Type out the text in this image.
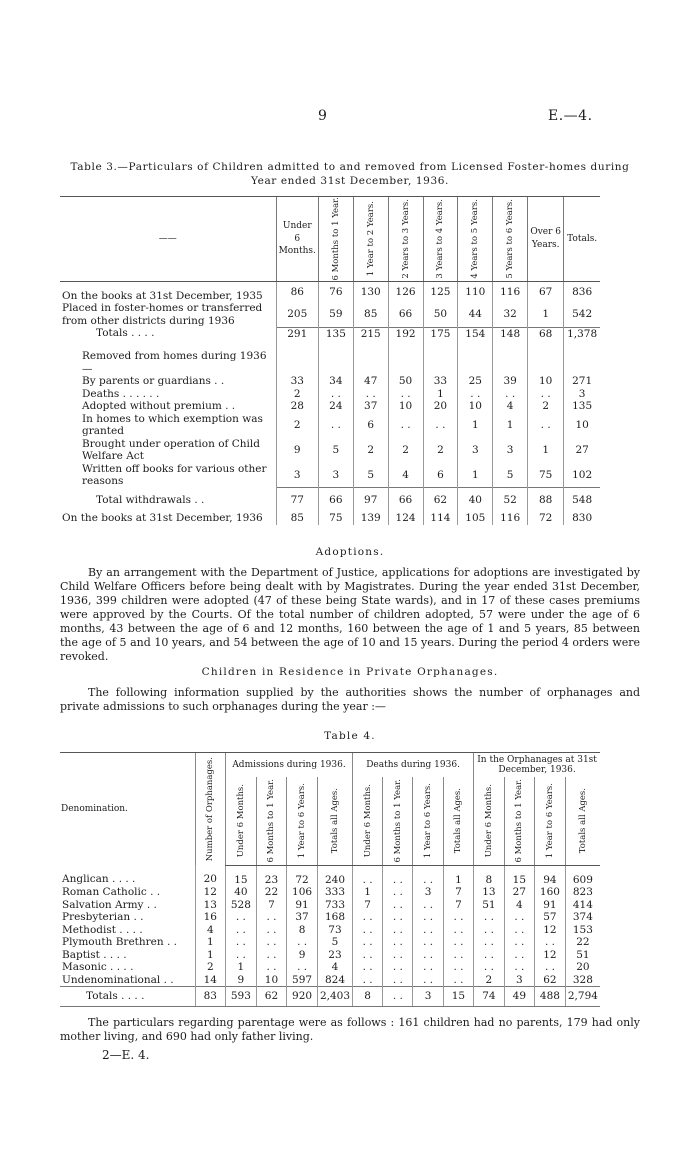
9	E.—4.
Table 3.—Particulars of Children admitted to and removed from Licensed Foster-homes during Year ended 31st December, 1936.
——	Under 6 Months.	6 Months to 1 Year.	1 Year to 2 Years.	2 Years to 3 Years.	3 Years to 4 Years.	4 Years to 5 Years.	5 Years to 6 Years.	Over 6 Years.	Totals.
On the books at 31st December, 1935	86	76	130	126	125	110	116	67	836
Placed in foster-homes or transferred from other districts during 1936	205	59	85	66	50	44	32	1	542
Totals . . . .	291	135	215	192	175	154	148	68	1,378
Removed from homes during 1936—									
By parents or guardians . .	33	34	47	50	33	25	39	10	271
Deaths . . . . . .	2	. .	. .	. .	1	. .	. .	. .	3
Adopted without premium . .	28	24	37	10	20	10	4	2	135
In homes to which exemption was granted	2	. .	6	. .	. .	1	1	. .	10
Brought under operation of Child Welfare Act	9	5	2	2	2	3	3	1	27
Written off books for various other reasons	3	3	5	4	6	1	5	75	102
Total withdrawals . .	77	66	97	66	62	40	52	88	548
On the books at 31st December, 1936	85	75	139	124	114	105	116	72	830
Adoptions.
By an arrangement with the Department of Justice, applications for adoptions are investigated by Child Welfare Officers before being dealt with by Magistrates. During the year ended 31st December, 1936, 399 children were adopted (47 of these being State wards), and in 17 of these cases premiums were approved by the Courts. Of the total number of children adopted, 57 were under the age of 6 months, 43 between the age of 6 and 12 months, 160 between the age of 1 and 5 years, 85 between the age of 5 and 10 years, and 54 between the age of 10 and 15 years. During the period 4 orders were revoked.
Children in Residence in Private Orphanages.
The following information supplied by the authorities shows the number of orphanages and private admissions to such orphanages during the year :—
Table 4.
Denomination.	Number of Orphanages.	Admissions during 1936.				Deaths during 1936.				In the Orphanages at 31st December, 1936.			

		Under 6 Months.	6 Months to 1 Year.	1 Year to 6 Years.	Totals all Ages.	Under 6 Months.	6 Months to 1 Year.	1 Year to 6 Years.	Totals all Ages.	Under 6 Months.	6 Months to 1 Year.	1 Year to 6 Years.	Totals all Ages.

Anglican . . . .	20	15	23	72	240	. .	. .	. .	1	8	15	94	609
Roman Catholic . .	12	40	22	106	333	1	. .	3	7	13	27	160	823
Salvation Army . .	13	528	7	91	733	7	. .	. .	7	51	4	91	414
Presbyterian . .	16	. .	. .	37	168	. .	. .	. .	. .	. .	. .	57	374
Methodist . . . .	4	. .	. .	8	73	. .	. .	. .	. .	. .	. .	12	153
Plymouth Brethren . .	1	. .	. .	. .	5	. .	. .	. .	. .	. .	. .	. .	22
Baptist . . . .	1	. .	. .	9	23	. .	. .	. .	. .	. .	. .	12	51
Masonic . . . .	2	1	. .	. .	4	. .	. .	. .	. .	. .	. .	. .	20
Undenominational . .	14	9	10	597	824	. .	. .	. .	. .	2	3	62	328
Totals . . . .	83	593	62	920	2,403	8	. .	3	15	74	49	488	2,794
The particulars regarding parentage were as follows : 161 children had no parents, 179 had only mother living, and 690 had only father living.
2—E. 4.
